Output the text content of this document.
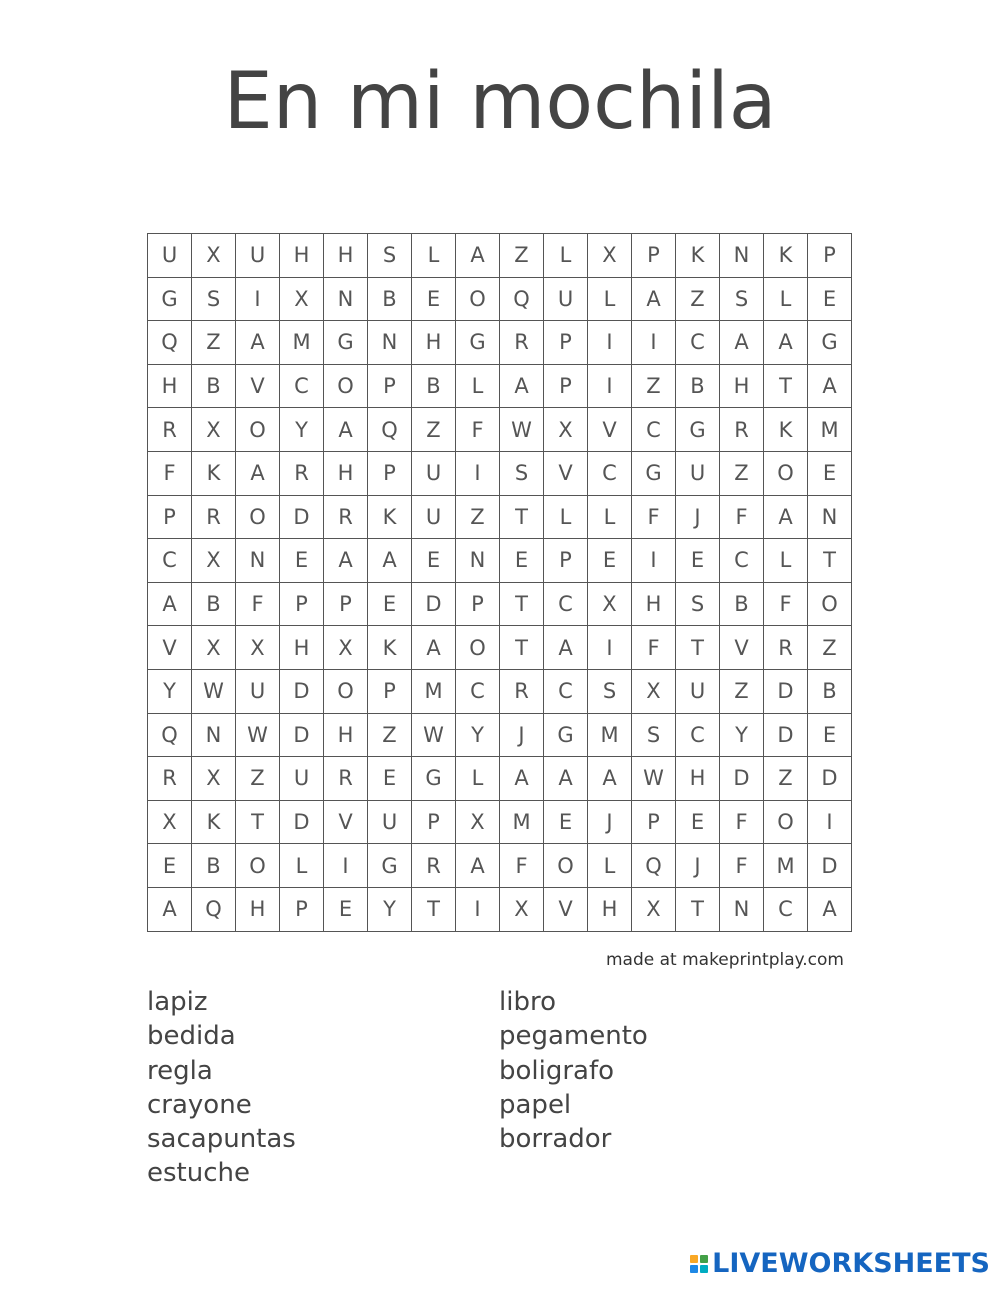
En mi mochila
U	X	U	H	H	S	L	A	Z	L	X	P	K	N	K	P
G	S	I	X	N	B	E	O	Q	U	L	A	Z	S	L	E
Q	Z	A	M	G	N	H	G	R	P	I	I	C	A	A	G
H	B	V	C	O	P	B	L	A	P	I	Z	B	H	T	A
R	X	O	Y	A	Q	Z	F	W	X	V	C	G	R	K	M
F	K	A	R	H	P	U	I	S	V	C	G	U	Z	O	E
P	R	O	D	R	K	U	Z	T	L	L	F	J	F	A	N
C	X	N	E	A	A	E	N	E	P	E	I	E	C	L	T
A	B	F	P	P	E	D	P	T	C	X	H	S	B	F	O
V	X	X	H	X	K	A	O	T	A	I	F	T	V	R	Z
Y	W	U	D	O	P	M	C	R	C	S	X	U	Z	D	B
Q	N	W	D	H	Z	W	Y	J	G	M	S	C	Y	D	E
R	X	Z	U	R	E	G	L	A	A	A	W	H	D	Z	D
X	K	T	D	V	U	P	X	M	E	J	P	E	F	O	I
E	B	O	L	I	G	R	A	F	O	L	Q	J	F	M	D
A	Q	H	P	E	Y	T	I	X	V	H	X	T	N	C	A
made at makeprintplay.com
lapiz
bedida
regla
crayone
sacapuntas
estuche
libro
pegamento
boligrafo
papel
borrador
LIVEWORKSHEETS
